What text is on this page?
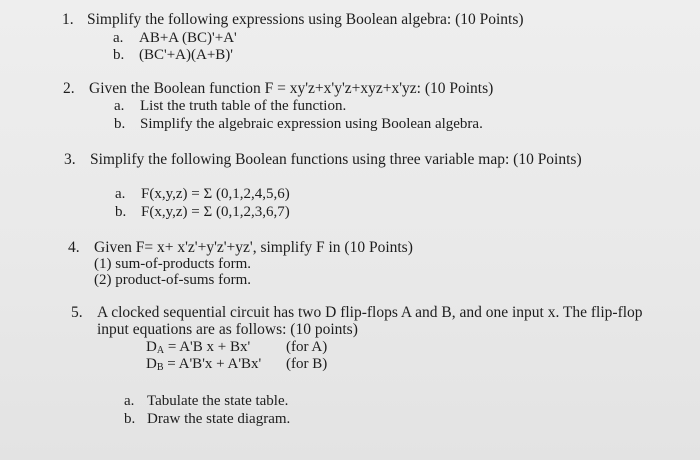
1. Simplify the following expressions using Boolean algebra: (10 Points)
a. AB+A (BC)'+A'
b. (BC'+A)(A+B)'
2. Given the Boolean function F = xy'z+x'y'z+xyz+x'yz: (10 Points)
a. List the truth table of the function.
b. Simplify the algebraic expression using Boolean algebra.
3. Simplify the following Boolean functions using three variable map: (10 Points)
a. F(x,y,z) = Σ (0,1,2,4,5,6)
b. F(x,y,z) = Σ (0,1,2,3,6,7)
4. Given F= x+ x'z'+y'z'+yz', simplify F in (10 Points)
(1) sum-of-products form.
(2) product-of-sums form.
5. A clocked sequential circuit has two D flip-flops A and B, and one input x. The flip-flop
input equations are as follows: (10 points)
$D_A = A'B$ x + Bx' (for A)
$D_B = A'B'x + A'Bx'$ (for B)
a. Tabulate the state table.
b. Draw the state diagram.
